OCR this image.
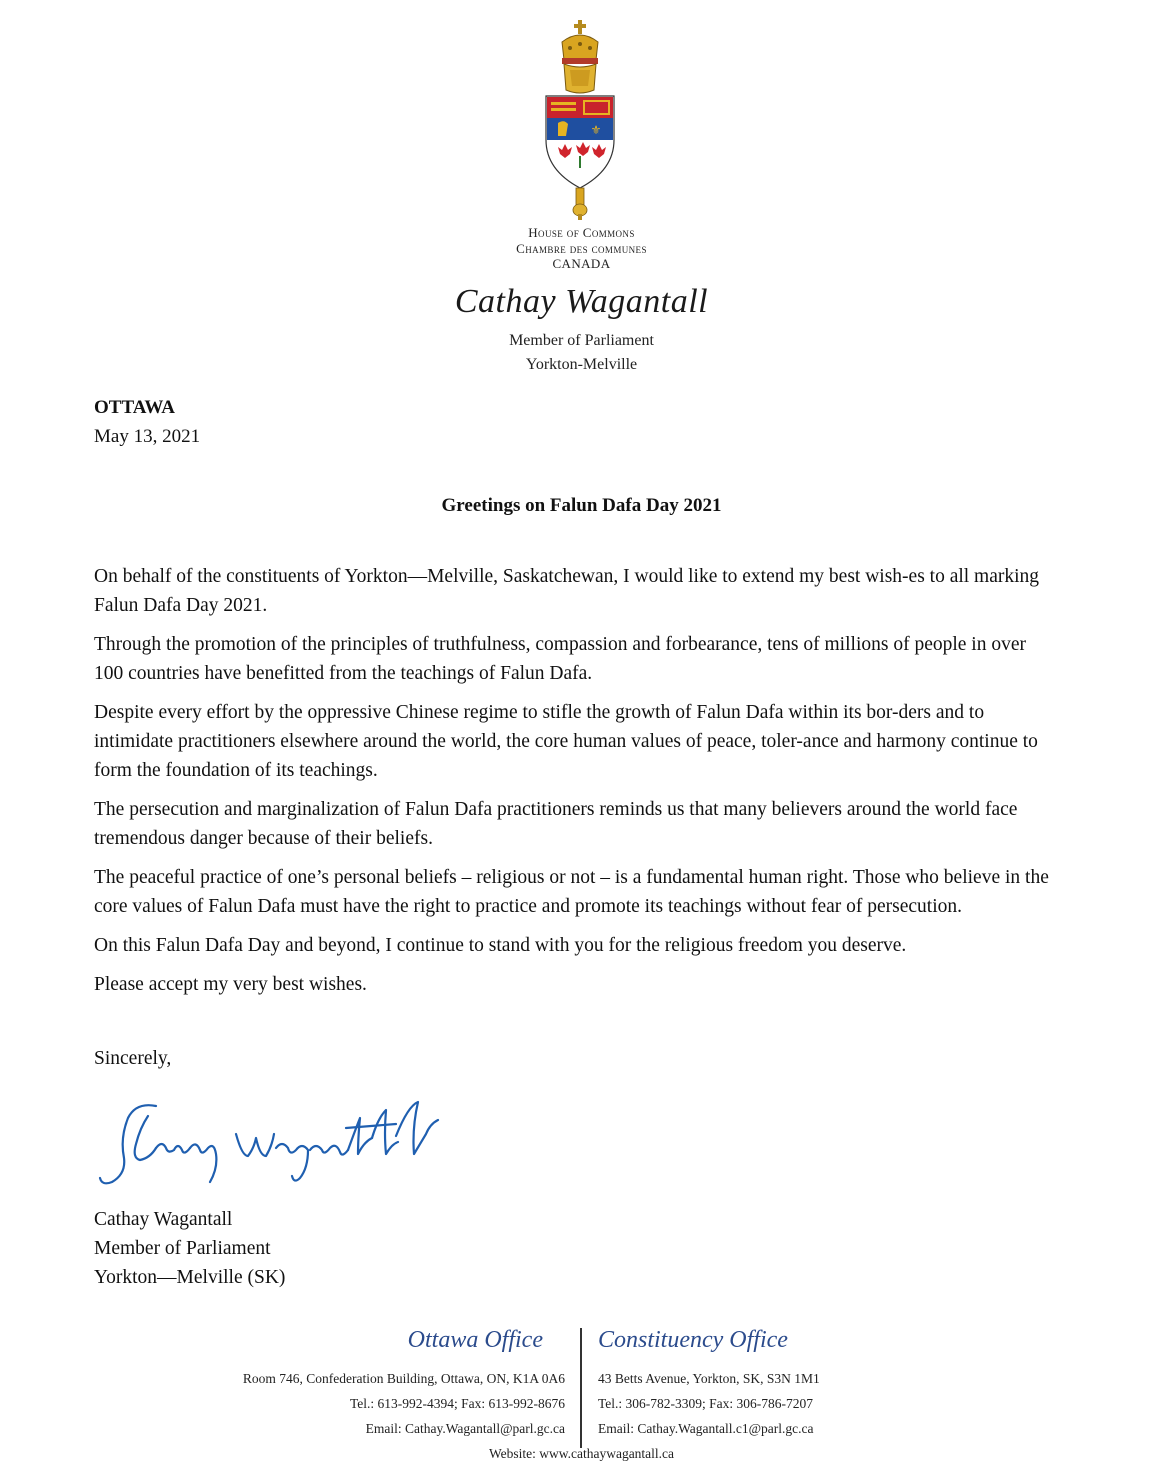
⚜
House of Commons
Chambre des communes
CANADA
Cathay Wagantall
Member of Parliament
Yorkton-Melville
OTTAWA
May 13, 2021
Greetings on Falun Dafa Day 2021

On behalf of the constituents of Yorkton—Melville, Saskatchewan, I would like to extend my best wish-es to all marking Falun Dafa Day 2021.

Through the promotion of the principles of truthfulness, compassion and forbearance, tens of millions of people in over 100 countries have benefitted from the teachings of Falun Dafa.

Despite every effort by the oppressive Chinese regime to stifle the growth of Falun Dafa within its bor-ders and to intimidate practitioners elsewhere around the world, the core human values of peace, toler-ance and harmony continue to form the foundation of its teachings.

The persecution and marginalization of Falun Dafa practitioners reminds us that many believers around the world face tremendous danger because of their beliefs.

The peaceful practice of one’s personal beliefs – religious or not – is a fundamental human right. Those who believe in the core values of Falun Dafa must have the right to practice and promote its teachings without fear of persecution.

On this Falun Dafa Day and beyond, I continue to stand with you for the religious freedom you deserve.

Please accept my very best wishes.

Sincerely,
Cathay Wagantall
Member of Parliament
Yorkton—Melville (SK)
Ottawa Office Constituency Office
Room 746, Confederation Building, Ottawa, ON, K1A 0A6
Tel.: 613-992-4394; Fax: 613-992-8676
Email: Cathay.Wagantall@parl.gc.ca
43 Betts Avenue, Yorkton, SK, S3N 1M1
Tel.: 306-782-3309; Fax: 306-786-7207
Email: Cathay.Wagantall.c1@parl.gc.ca
Website: www.cathaywagantall.ca
